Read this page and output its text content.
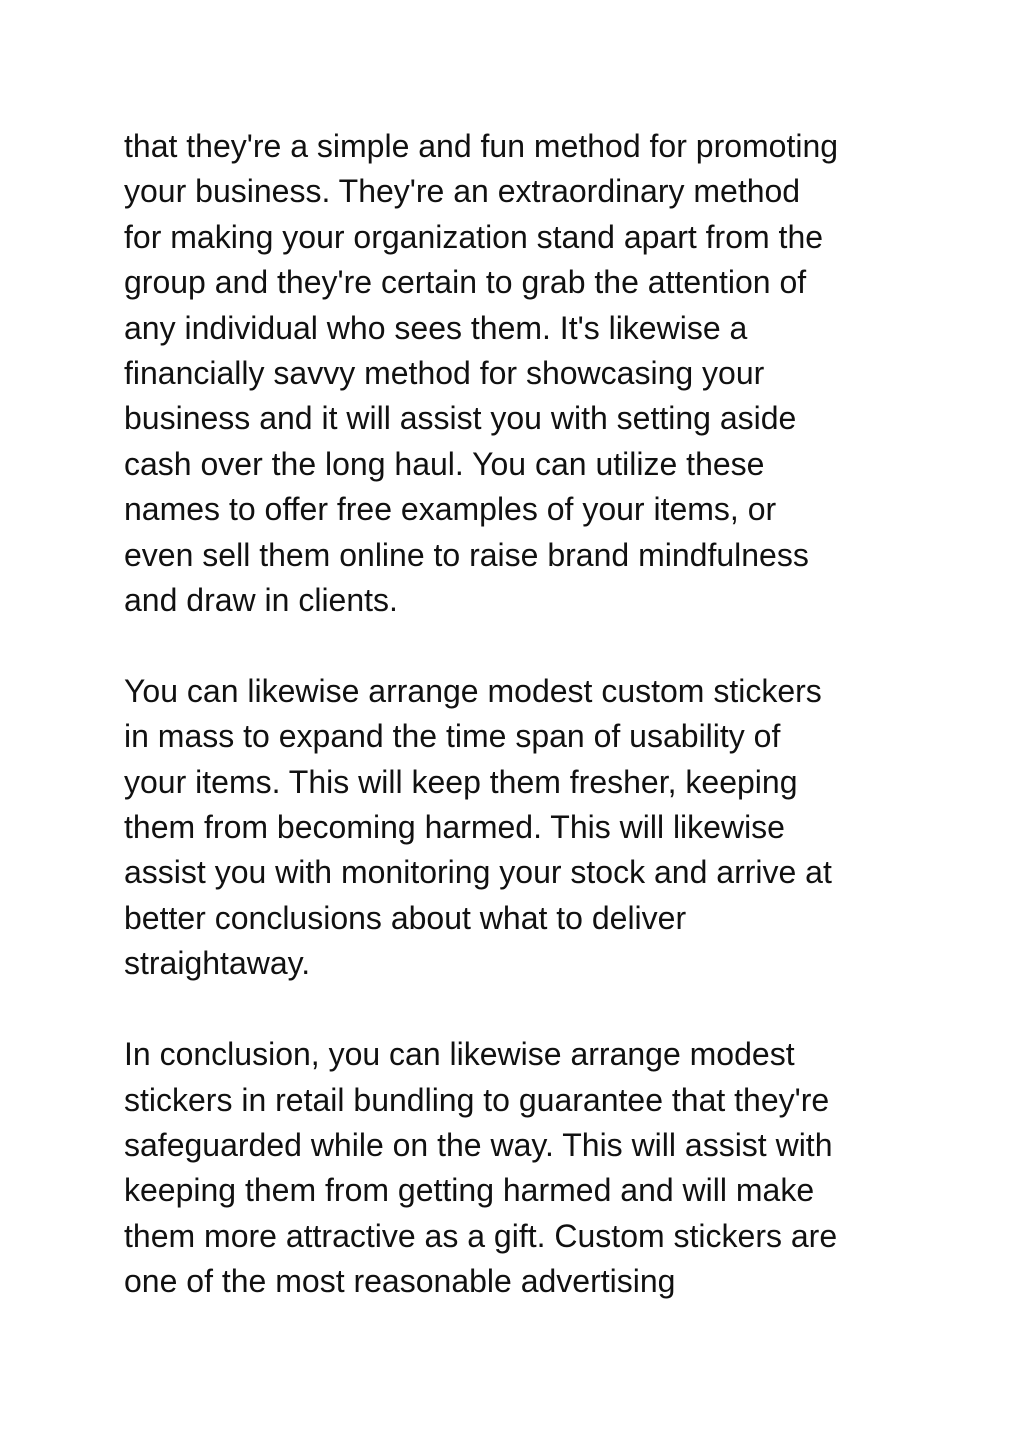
that they're a simple and fun method for promoting
your business. They're an extraordinary method
for making your organization stand apart from the
group and they're certain to grab the attention of
any individual who sees them. It's likewise a
financially savvy method for showcasing your
business and it will assist you with setting aside
cash over the long haul. You can utilize these
names to offer free examples of your items, or
even sell them online to raise brand mindfulness
and draw in clients.

You can likewise arrange modest custom stickers
in mass to expand the time span of usability of
your items. This will keep them fresher, keeping
them from becoming harmed. This will likewise
assist you with monitoring your stock and arrive at
better conclusions about what to deliver
straightaway.

In conclusion, you can likewise arrange modest
stickers in retail bundling to guarantee that they're
safeguarded while on the way. This will assist with
keeping them from getting harmed and will make
them more attractive as a gift. Custom stickers are
one of the most reasonable advertising
